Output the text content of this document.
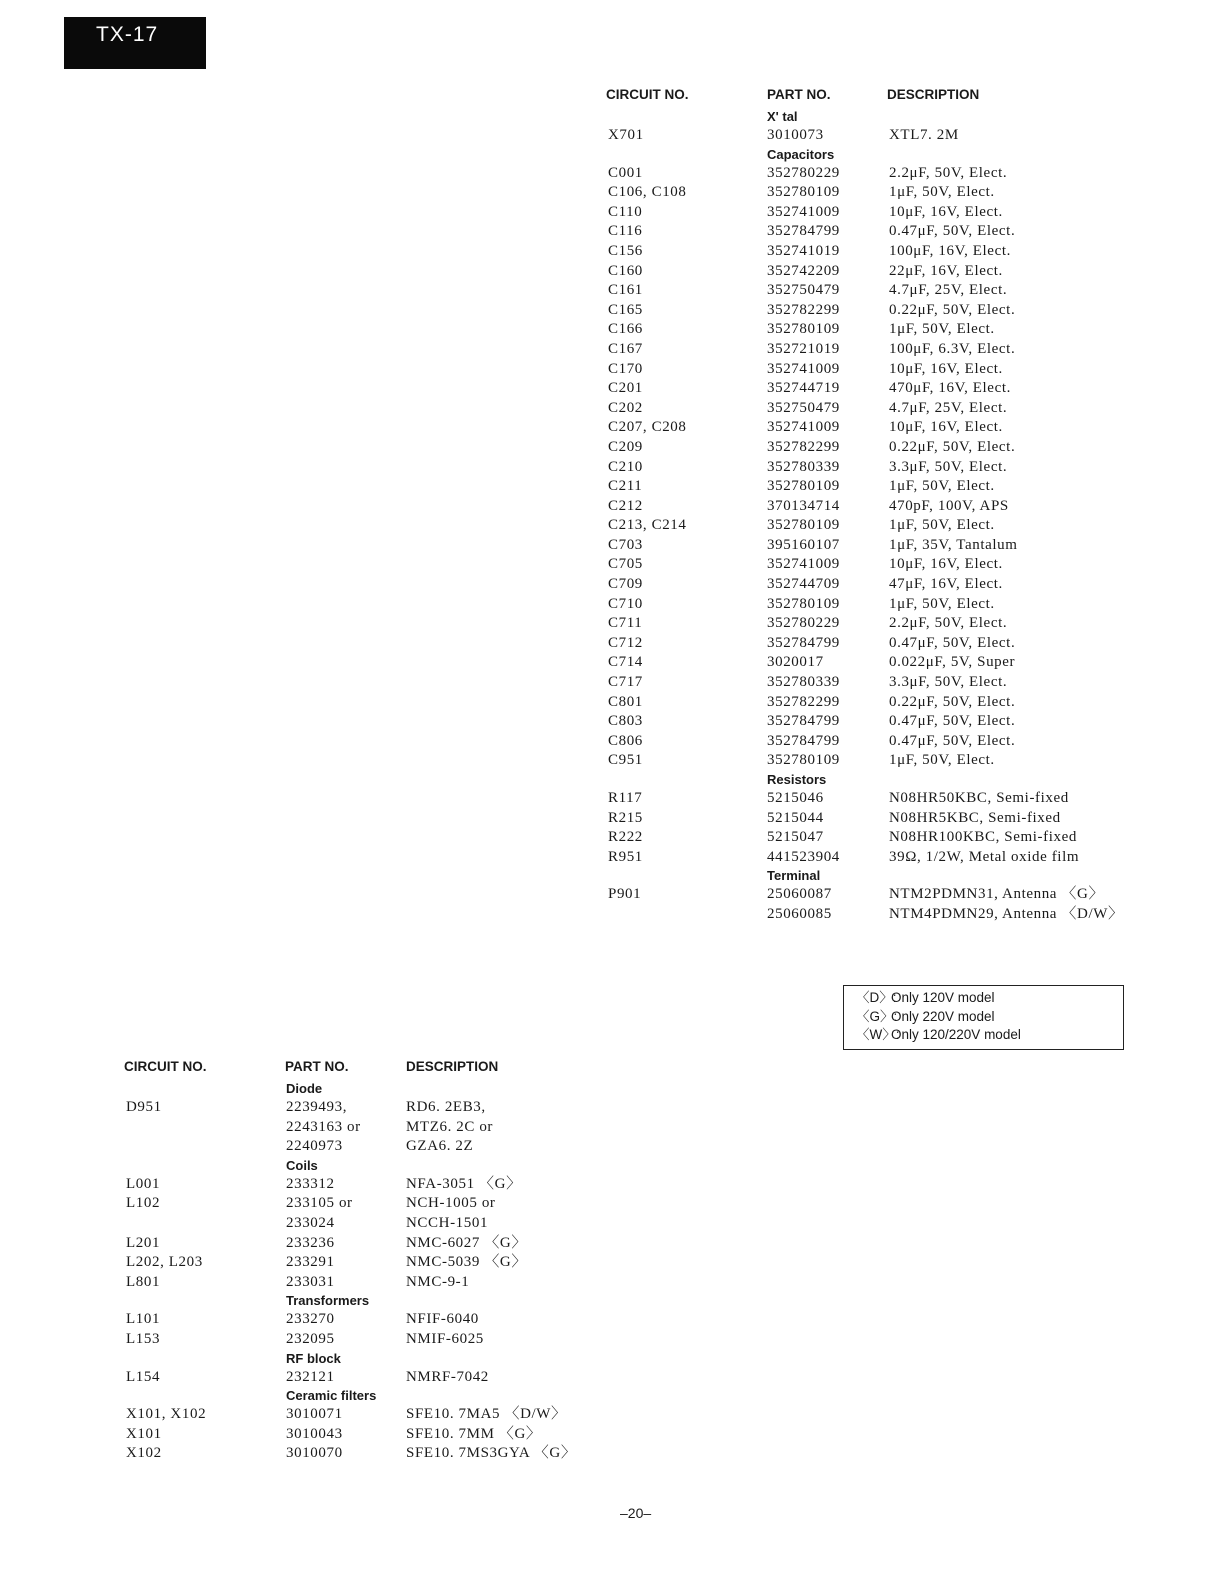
TX-17
CIRCUIT NO.	PART NO.	DESCRIPTION
X' tal
X701	3010073	XTL7. 2M
Capacitors
C001	352780229	2.2μF, 50V, Elect.
C106, C108	352780109	1μF, 50V, Elect.
C110	352741009	10μF, 16V, Elect.
C116	352784799	0.47μF, 50V, Elect.
C156	352741019	100μF, 16V, Elect.
C160	352742209	22μF, 16V, Elect.
C161	352750479	4.7μF, 25V, Elect.
C165	352782299	0.22μF, 50V, Elect.
C166	352780109	1μF, 50V, Elect.
C167	352721019	100μF, 6.3V, Elect.
C170	352741009	10μF, 16V, Elect.
C201	352744719	470μF, 16V, Elect.
C202	352750479	4.7μF, 25V, Elect.
C207, C208	352741009	10μF, 16V, Elect.
C209	352782299	0.22μF, 50V, Elect.
C210	352780339	3.3μF, 50V, Elect.
C211	352780109	1μF, 50V, Elect.
C212	370134714	470pF, 100V, APS
C213, C214	352780109	1μF, 50V, Elect.
C703	395160107	1μF, 35V, Tantalum
C705	352741009	10μF, 16V, Elect.
C709	352744709	47μF, 16V, Elect.
C710	352780109	1μF, 50V, Elect.
C711	352780229	2.2μF, 50V, Elect.
C712	352784799	0.47μF, 50V, Elect.
C714	3020017	0.022μF, 5V, Super
C717	352780339	3.3μF, 50V, Elect.
C801	352782299	0.22μF, 50V, Elect.
C803	352784799	0.47μF, 50V, Elect.
C806	352784799	0.47μF, 50V, Elect.
C951	352780109	1μF, 50V, Elect.
Resistors
R117	5215046	N08HR50KBC, Semi-fixed
R215	5215044	N08HR5KBC, Semi-fixed
R222	5215047	N08HR100KBC, Semi-fixed
R951	441523904	39Ω, 1/2W, Metal oxide film
Terminal
P901	25060087	NTM2PDMN31, Antenna 〈G〉
25060085	NTM4PDMN29, Antenna 〈D/W〉
〈D〉:
Only 120V model
〈G〉:
Only 220V model
〈W〉:
Only 120/220V model
CIRCUIT NO.	PART NO.	DESCRIPTION
Diode
D951	2239493,	RD6. 2EB3,
2243163 or	MTZ6. 2C or
2240973	GZA6. 2Z
Coils
L001	233312	NFA-3051 〈G〉
L102	233105 or	NCH-1005 or
233024	NCCH-1501
L201	233236	NMC-6027 〈G〉
L202, L203	233291	NMC-5039 〈G〉
L801	233031	NMC-9-1
Transformers
L101	233270	NFIF-6040
L153	232095	NMIF-6025
RF block
L154	232121	NMRF-7042
Ceramic filters
X101, X102	3010071	SFE10. 7MA5 〈D/W〉
X101	3010043	SFE10. 7MM 〈G〉
X102	3010070	SFE10. 7MS3GYA 〈G〉
–20–
